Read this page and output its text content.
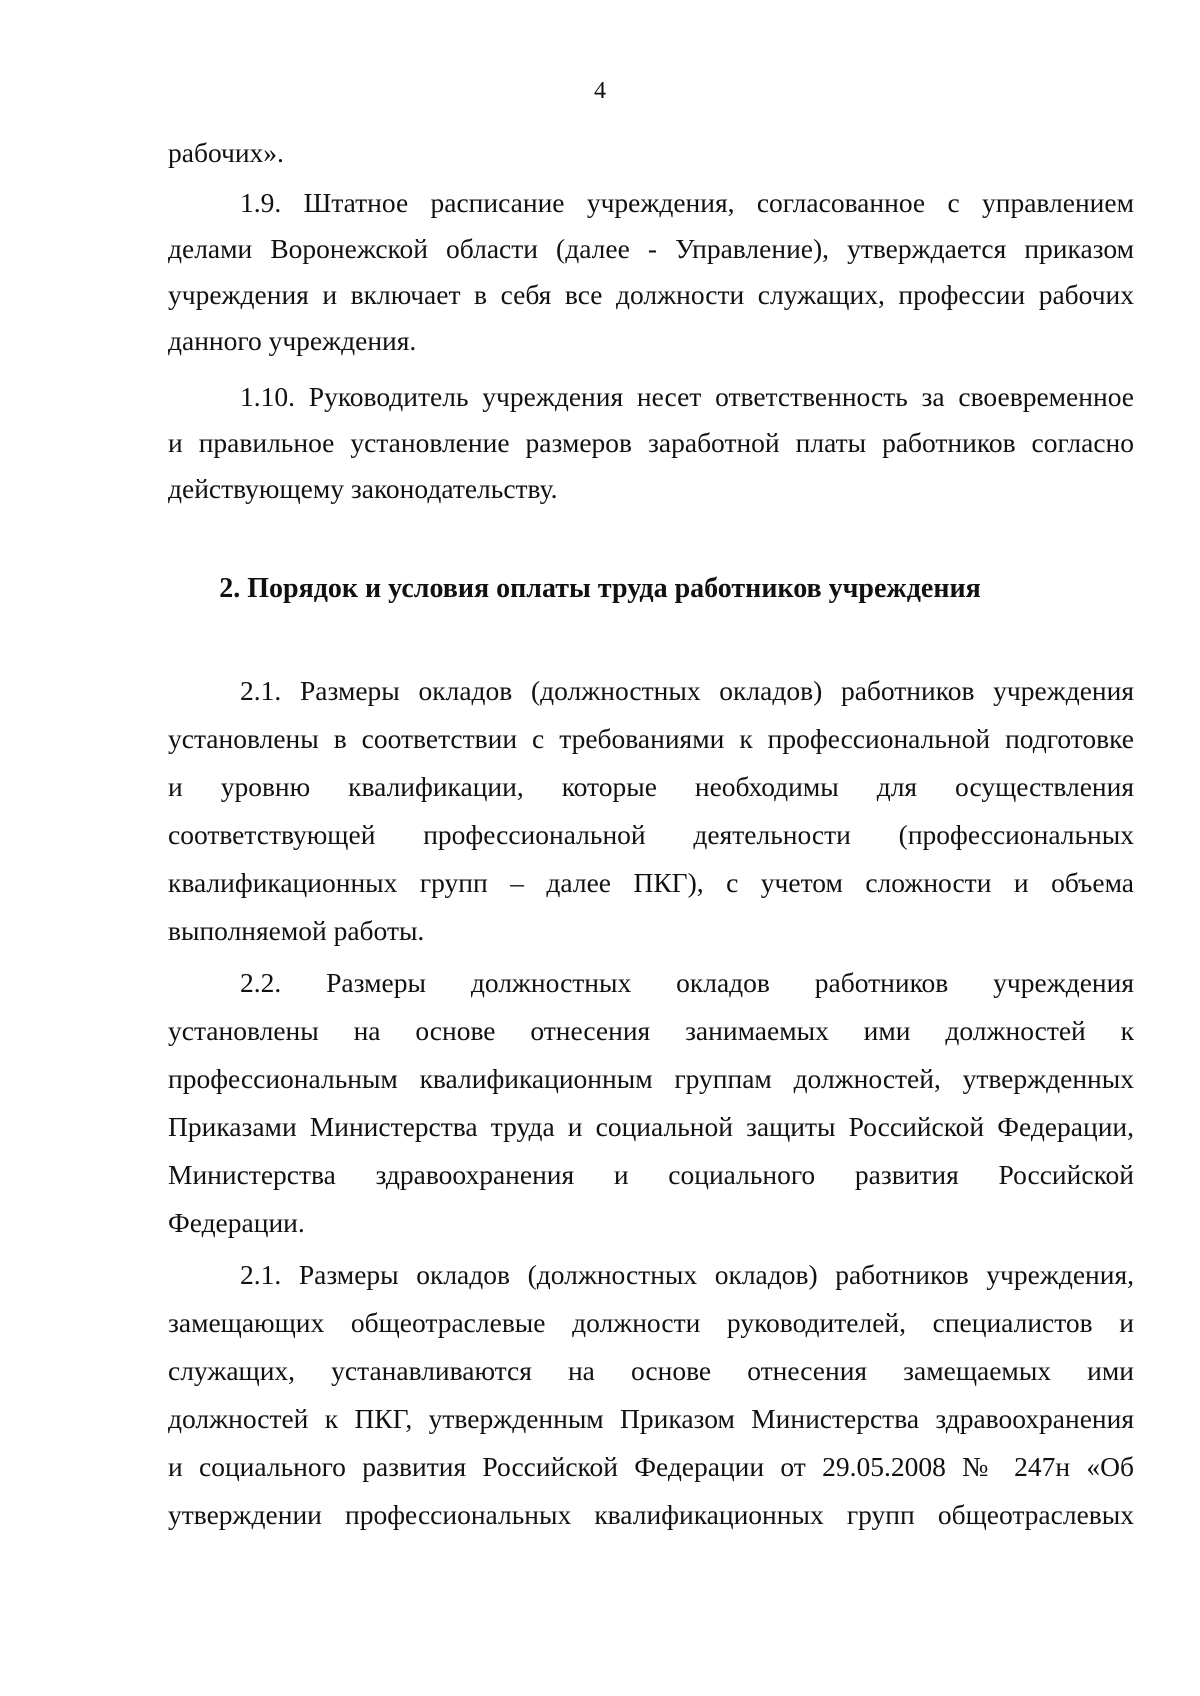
4
рабочих».
1.9. Штатное расписание учреждения, согласованное с управлением
делами Воронежской области (далее - Управление), утверждается приказом
учреждения и включает в себя все должности служащих, профессии рабочих
данного учреждения.
1.10. Руководитель учреждения несет ответственность за своевременное
и правильное установление размеров заработной платы работников согласно
действующему законодательству.
2. Порядок и условия оплаты труда работников учреждения
2.1. Размеры окладов (должностных окладов) работников учреждения
установлены в соответствии с требованиями к профессиональной подготовке
и уровню квалификации, которые необходимы для осуществления
соответствующей профессиональной деятельности (профессиональных
квалификационных групп – далее ПКГ), с учетом сложности и объема
выполняемой работы.
2.2. Размеры должностных окладов работников учреждения
установлены на основе отнесения занимаемых ими должностей к
профессиональным квалификационным группам должностей, утвержденных
Приказами Министерства труда и социальной защиты Российской Федерации,
Министерства здравоохранения и социального развития Российской
Федерации.
2.1. Размеры окладов (должностных окладов) работников учреждения,
замещающих общеотраслевые должности руководителей, специалистов и
служащих, устанавливаются на основе отнесения замещаемых ими
должностей к ПКГ, утвержденным Приказом Министерства здравоохранения
и социального развития Российской Федерации от 29.05.2008 № 247н «Об
утверждении профессиональных квалификационных групп общеотраслевых
